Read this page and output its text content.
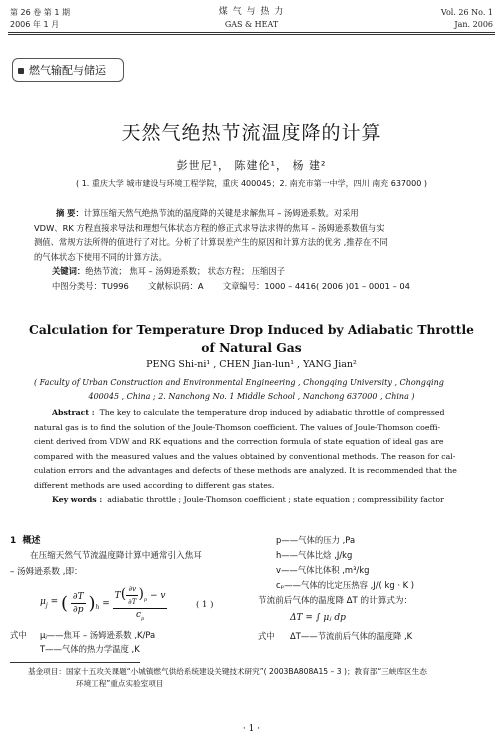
第 26 卷 第 1 期
2006 年 1 月
煤 气 与 热 力
GAS & HEAT
Vol. 26 No. 1
Jan. 2006
燃气输配与储运
天然气绝热节流温度降的计算
彭世尼¹， 陈建伦¹， 杨 建²
( 1. 重庆大学 城市建设与环境工程学院，重庆 400045；2. 南充市第一中学，四川 南充 637000 )
摘 要：计算压缩天然气绝热节流的温度降的关键是求解焦耳 – 汤姆逊系数。对采用
VDW、RK 方程直接求导法和理想气体状态方程的修正式求导法求得的焦耳 – 汤姆逊系数值与实
测值、常规方法所得的值进行了对比。分析了计算误差产生的原因和计算方法的优劣 ,推荐在不同
的气体状态下使用不同的计算方法。
关键词：绝热节流； 焦耳 – 汤姆逊系数； 状态方程； 压缩因子
中图分类号：TU996 文献标识码：A 文章编号：1000 – 4416( 2006 )01 – 0001 – 04
Calculation for Temperature Drop Induced by Adiabatic Throttle
of Natural Gas
PENG Shi-ni¹ , CHEN Jian-lun¹ , YANG Jian²
( Faculty of Urban Construction and Environmental Engineering , Chongqing University , Chongqing
400045 , China ; 2. Nanchong No. 1 Middle School , Nanchong 637000 , China )
Abstract : The key to calculate the temperature drop induced by adiabatic throttle of compressed
natural gas is to find the solution of the Joule-Thomson coefficient. The values of Joule-Thomson coeffi-
cient derived from VDW and RK equations and the correction formula of state equation of ideal gas are
compared with the measured values and the values obtained by conventional methods. The reason for cal-
culation errors and the advantages and defects of these methods are analyzed. It is recommended that the
different methods are used according to different gas states.
Key words : adiabatic throttle ; Joule-Thomson coefficient ; state equation ; compressibility factor
1 概述
在压缩天然气节流温度降计算中通常引入焦耳
– 汤姆逊系数 ,即：
$\mu_j$ = ( $\frac{\partial T}{\partial p} )_h = \frac{T( \frac{\partial v}{\partial T} )_p - v}{c_p}$	( 1 )
式中 μⱼ——焦耳 – 汤姆逊系数 ,K/Pa
T——气体的热力学温度 ,K
p——气体的压力 ,Pa
h——气体比焓 ,J/kg
v——气体比体积 ,m³/kg
cₚ——气体的比定压热容 ,J/( kg · K )
节流前后气体的温度降 ΔT 的计算式为：
ΔT = ∫ μⱼ dp
式中 ΔT——节流前后气体的温度降 ,K
基金项目：国家十五攻关课题“小城镇燃气供给系统建设关键技术研究”( 2003BA808A15 – 3 )；教育部“三峡库区生态
环境工程”重点实验室项目
· 1 ·
